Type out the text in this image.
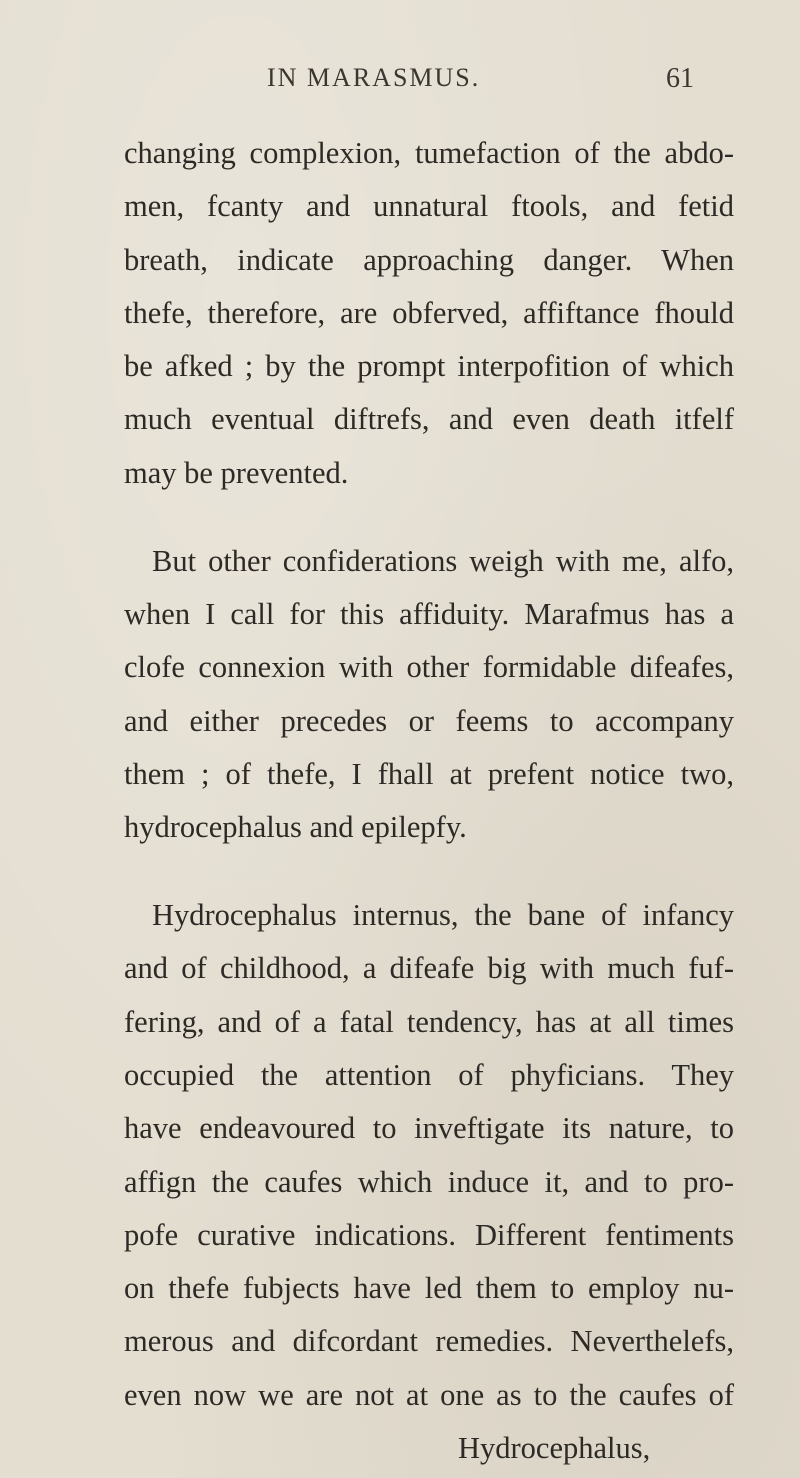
IN MARASMUS.	61

changing complexion, tumefaction of the abdo-

men, fcanty and unnatural ftools, and fetid

breath, indicate approaching danger. When

thefe, therefore, are obferved, affiftance fhould

be afked ; by the prompt interpofition of which

much eventual diftrefs, and even death itfelf

may be prevented.

But other confiderations weigh with me, alfo,

when I call for this affiduity. Marafmus has a

clofe connexion with other formidable difeafes,

and either precedes or feems to accompany

them ; of thefe, I fhall at prefent notice two,

hydrocephalus and epilepfy.

Hydrocephalus internus, the bane of infancy

and of childhood, a difeafe big with much fuf-

fering, and of a fatal tendency, has at all times

occupied the attention of phyficians. They

have endeavoured to inveftigate its nature, to

affign the caufes which induce it, and to pro-

pofe curative indications. Different fentiments

on thefe fubjects have led them to employ nu-

merous and difcordant remedies. Neverthelefs,

even now we are not at one as to the caufes of

Hydrocephalus,
